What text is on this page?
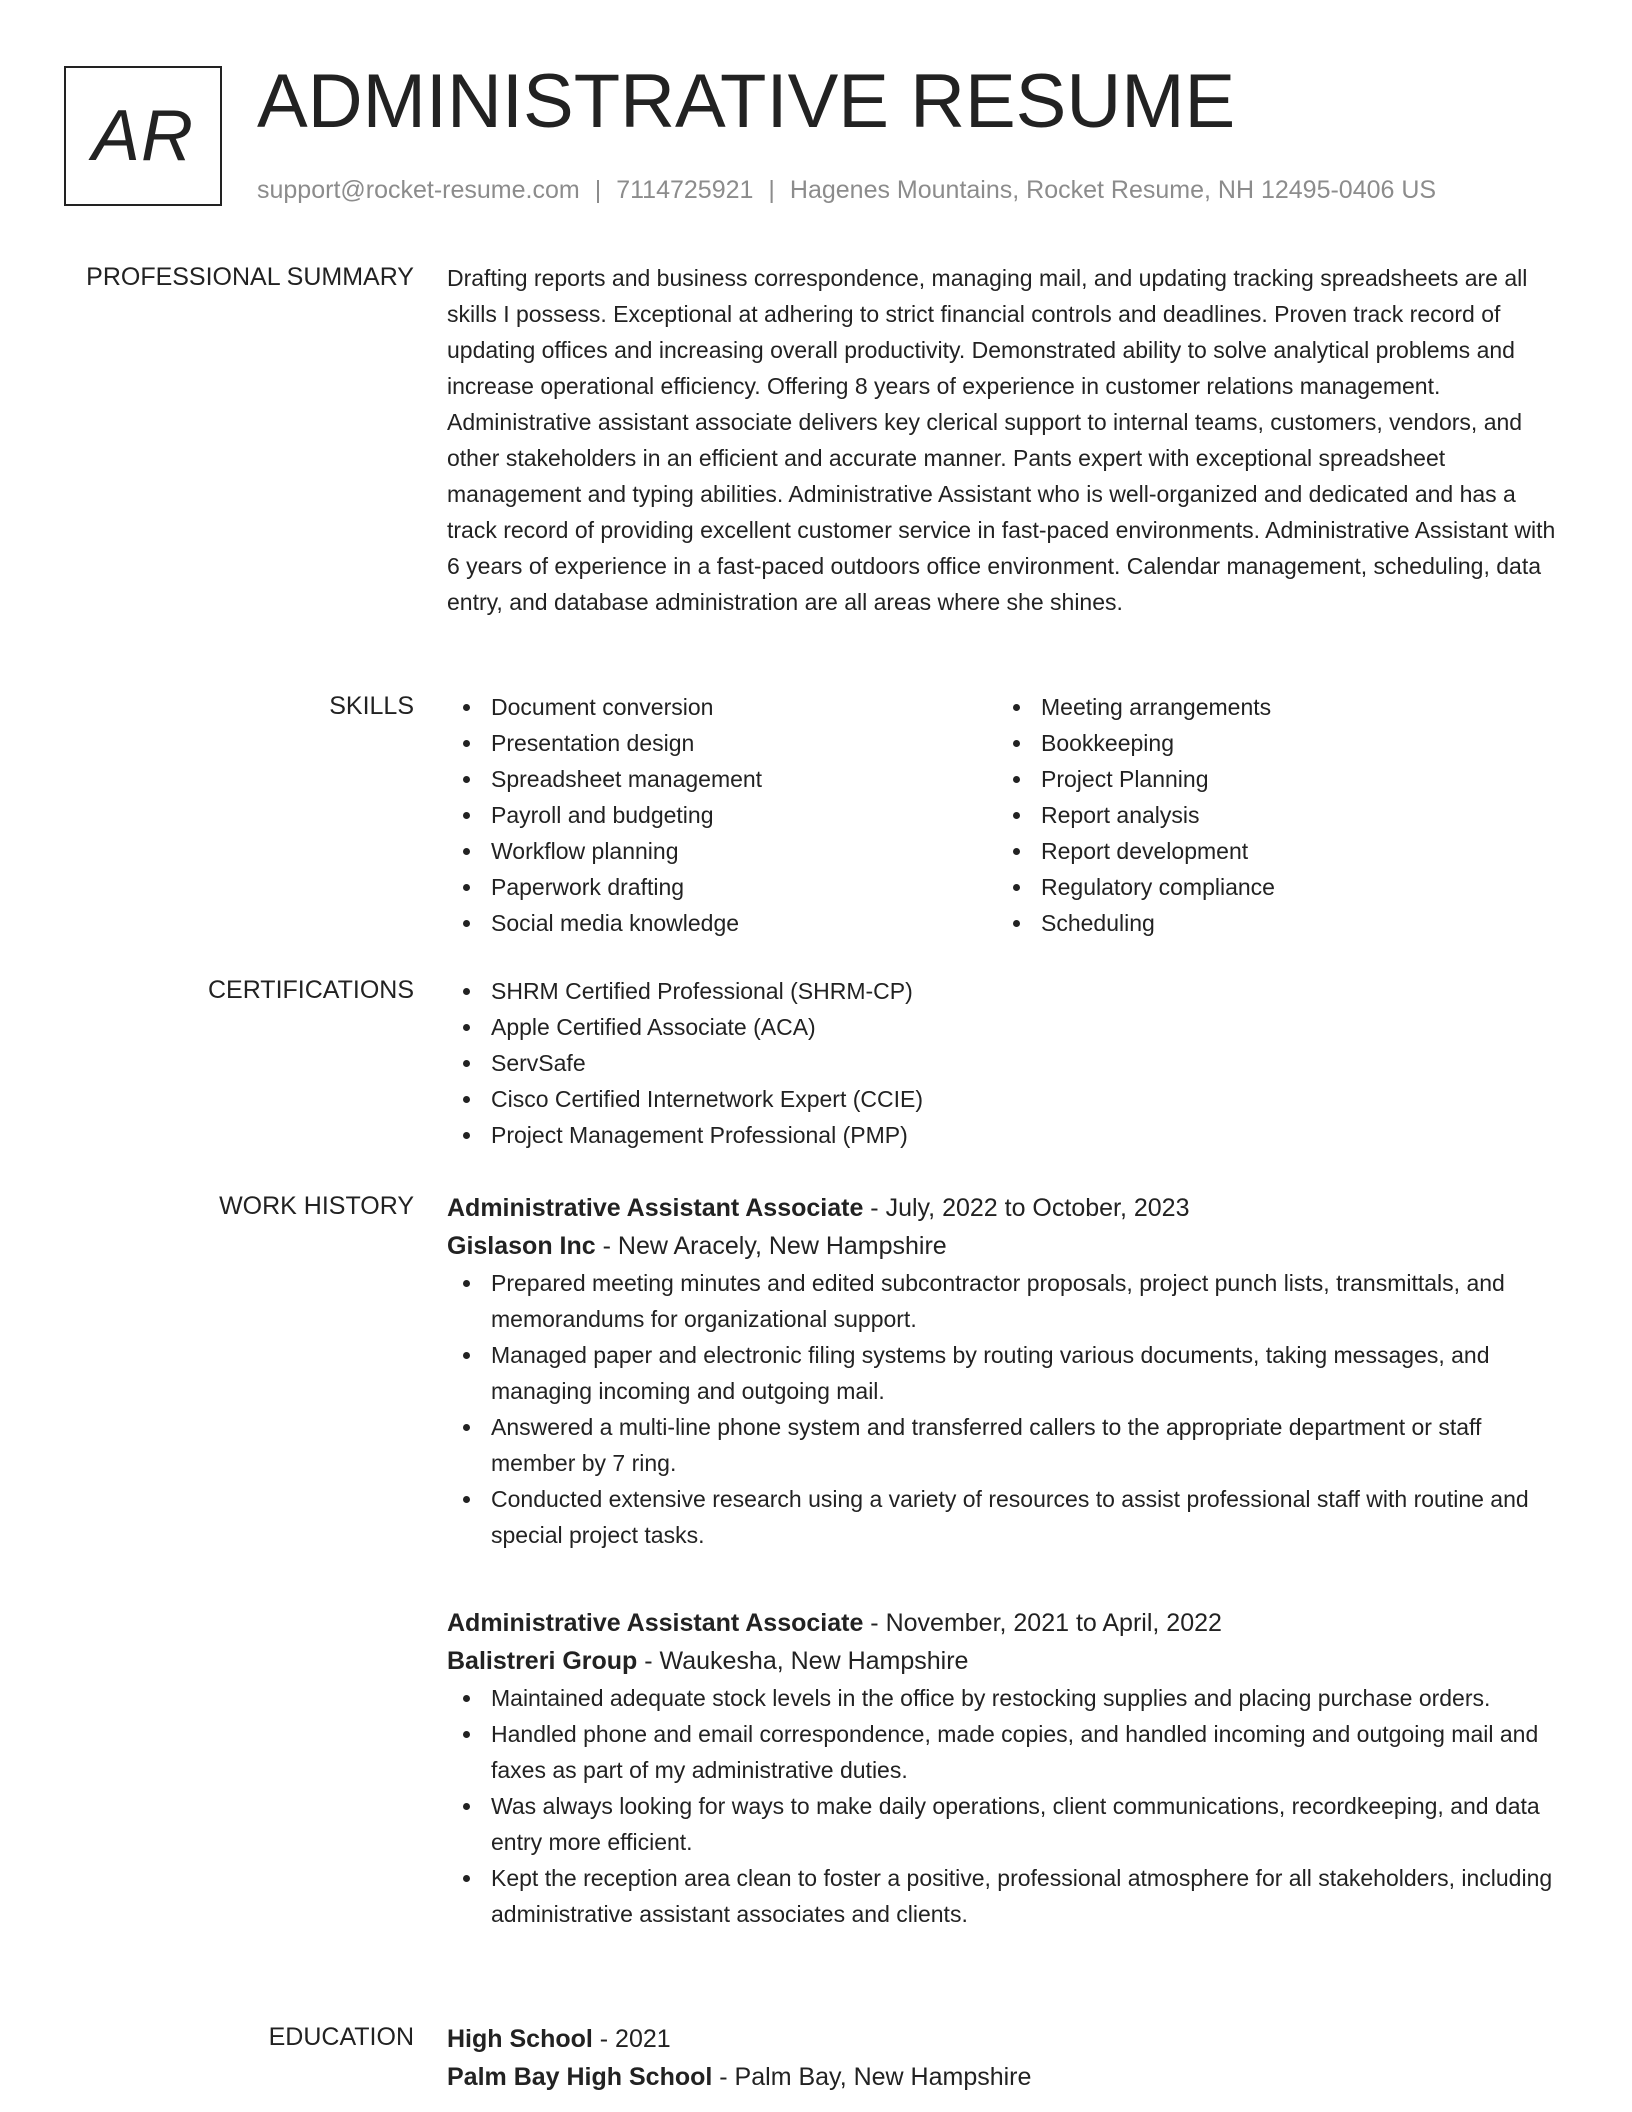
AR ADMINISTRATIVE RESUME
support@rocket-resume.com | 7114725921 | Hagenes Mountains, Rocket Resume, NH 12495-0406 US
PROFESSIONAL SUMMARY Drafting reports and business correspondence, managing mail, and updating tracking spreadsheets are all skills I possess. Exceptional at adhering to strict financial controls and deadlines. Proven track record of updating offices and increasing overall productivity. Demonstrated ability to solve analytical problems and increase operational efficiency. Offering 8 years of experience in customer relations management. Administrative assistant associate delivers key clerical support to internal teams, customers, vendors, and other stakeholders in an efficient and accurate manner. Pants expert with exceptional spreadsheet management and typing abilities. Administrative Assistant who is well-organized and dedicated and has a track record of providing excellent customer service in fast-paced environments. Administrative Assistant with 6 years of experience in a fast-paced outdoors office environment. Calendar management, scheduling, data entry, and database administration are all areas where she shines.

SKILLS	Document conversion
Presentation design
Spreadsheet management
Payroll and budgeting
Workflow planning
Paperwork drafting
Social media knowledge
Meeting arrangements
Bookkeeping
Project Planning
Report analysis
Report development
Regulatory compliance
Scheduling
CERTIFICATIONS	SHRM Certified Professional (SHRM-CP)
Apple Certified Associate (ACA)
ServSafe
Cisco Certified Internetwork Expert (CCIE)
Project Management Professional (PMP)
WORK HISTORY Administrative Assistant Associate - July, 2022 to October, 2023
Gislason Inc - New Aracely, New Hampshire
Prepared meeting minutes and edited subcontractor proposals, project punch lists, transmittals, and memorandums for organizational support.
Managed paper and electronic filing systems by routing various documents, taking messages, and managing incoming and outgoing mail.
Answered a multi-line phone system and transferred callers to the appropriate department or staff member by 7 ring.
Conducted extensive research using a variety of resources to assist professional staff with routine and special project tasks.
Administrative Assistant Associate - November, 2021 to April, 2022
Balistreri Group - Waukesha, New Hampshire
Maintained adequate stock levels in the office by restocking supplies and placing purchase orders.
Handled phone and email correspondence, made copies, and handled incoming and outgoing mail and faxes as part of my administrative duties.
Was always looking for ways to make daily operations, client communications, recordkeeping, and data entry more efficient.
Kept the reception area clean to foster a positive, professional atmosphere for all stakeholders, including administrative assistant associates and clients.
EDUCATION High School - 2021
Palm Bay High School - Palm Bay, New Hampshire
